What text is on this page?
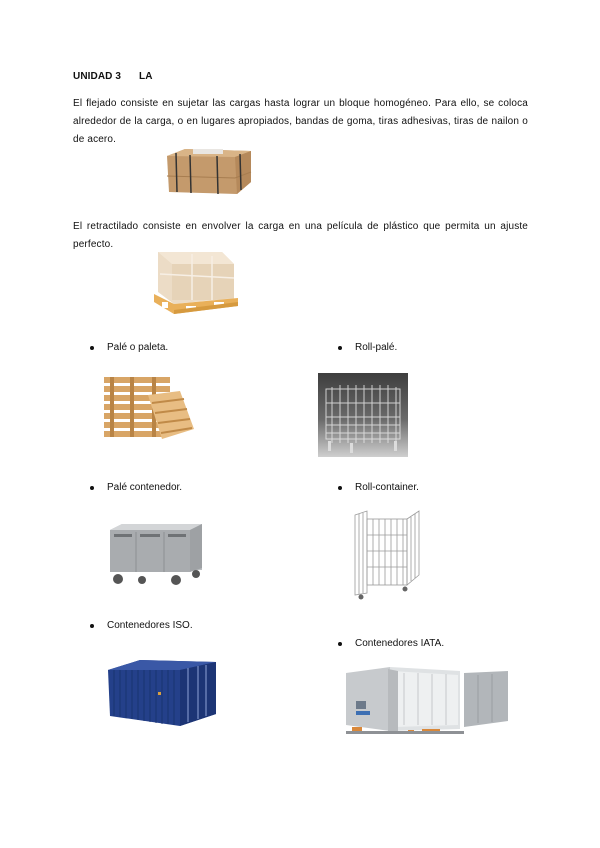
UNIDAD 3 LA

El flejado consiste en sujetar las cargas hasta lograr un bloque homogéneo. Para ello, se coloca alrededor de la carga, o en lugares apropiados, bandas de goma, tiras adhesivas, tiras de nailon o de acero.

El retractilado consiste en envolver la carga en una película de plástico que permita un ajuste perfecto.

Palé o paleta.	Roll-palé.
Palé contenedor.	Roll-container.
Contenedores ISO.
Contenedores IATA.
